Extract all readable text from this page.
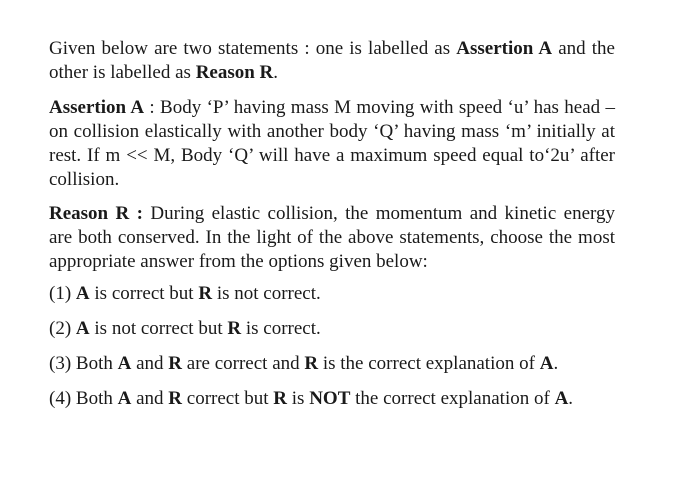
Given below are two statements : one is labelled as Assertion A and the other is labelled as Reason R.

Assertion A : Body ‘P’ having mass M moving with speed ‘u’ has head – on collision elastically with another body ‘Q’ having mass ‘m’ initially at rest. If m << M, Body ‘Q’ will have a maximum speed equal to‘2u’ after collision.

Reason R : During elastic collision, the momentum and kinetic energy are both conserved. In the light of the above statements, choose the most appropriate answer from the options given below:

(1) A is correct but R is not correct.

(2) A is not correct but R is correct.

(3) Both A and R are correct and R is the correct explanation of A.

(4) Both A and R correct but R is NOT the correct explanation of A.
